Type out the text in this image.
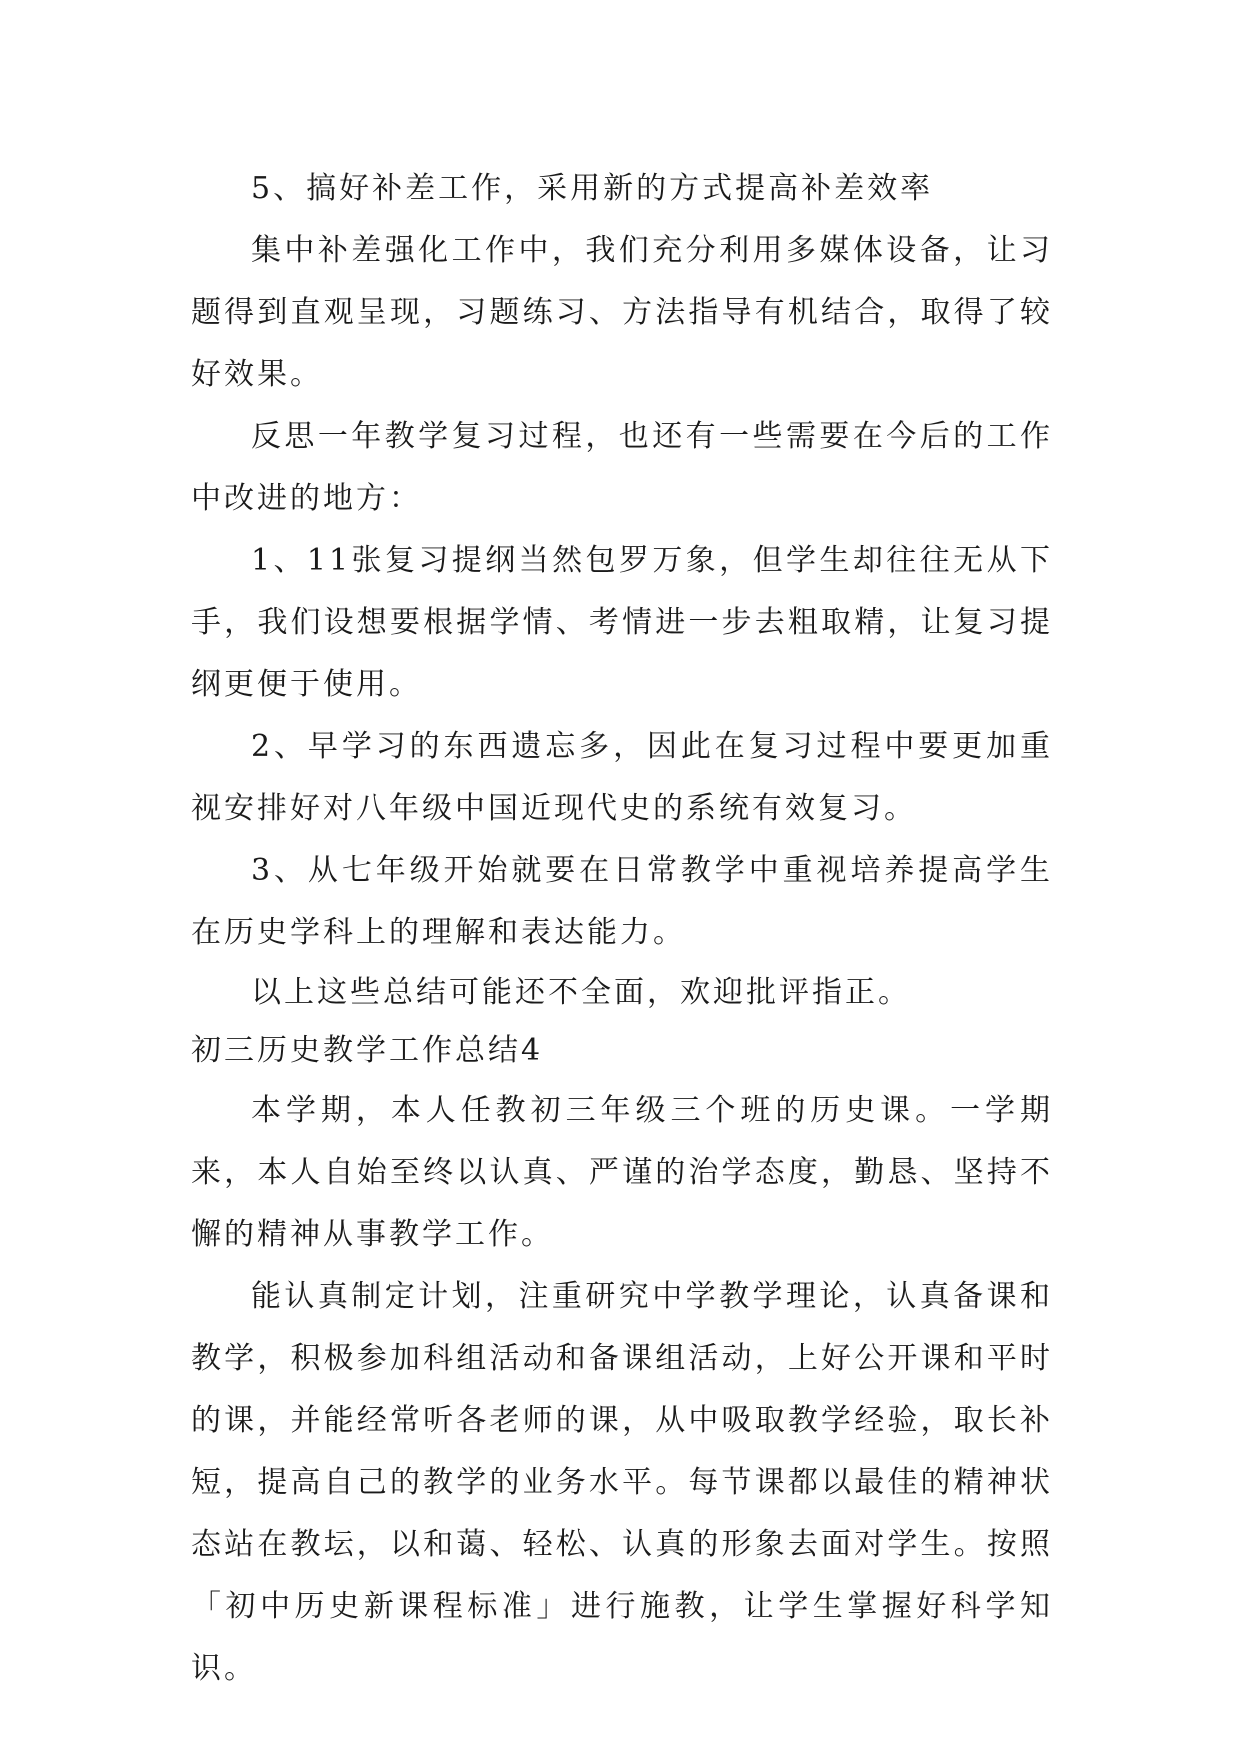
5、搞好补差工作，采用新的方式提高补差效率

集中补差强化工作中，我们充分利用多媒体设备，让习题得到直观呈现，习题练习、方法指导有机结合，取得了较好效果。

反思一年教学复习过程，也还有一些需要在今后的工作中改进的地方：

1、11张复习提纲当然包罗万象，但学生却往往无从下手，我们设想要根据学情、考情进一步去粗取精，让复习提纲更便于使用。

2、早学习的东西遗忘多，因此在复习过程中要更加重视安排好对八年级中国近现代史的系统有效复习。

3、从七年级开始就要在日常教学中重视培养提高学生在历史学科上的理解和表达能力。

以上这些总结可能还不全面，欢迎批评指正。

初三历史教学工作总结4

本学期，本人任教初三年级三个班的历史课。一学期来，本人自始至终以认真、严谨的治学态度，勤恳、坚持不懈的精神从事教学工作。

能认真制定计划，注重研究中学教学理论，认真备课和教学，积极参加科组活动和备课组活动，上好公开课和平时的课，并能经常听各老师的课，从中吸取教学经验，取长补短，提高自己的教学的业务水平。每节课都以最佳的精神状态站在教坛，以和蔼、轻松、认真的形象去面对学生。按照「初中历史新课程标准」进行施教，让学生掌握好科学知识。
